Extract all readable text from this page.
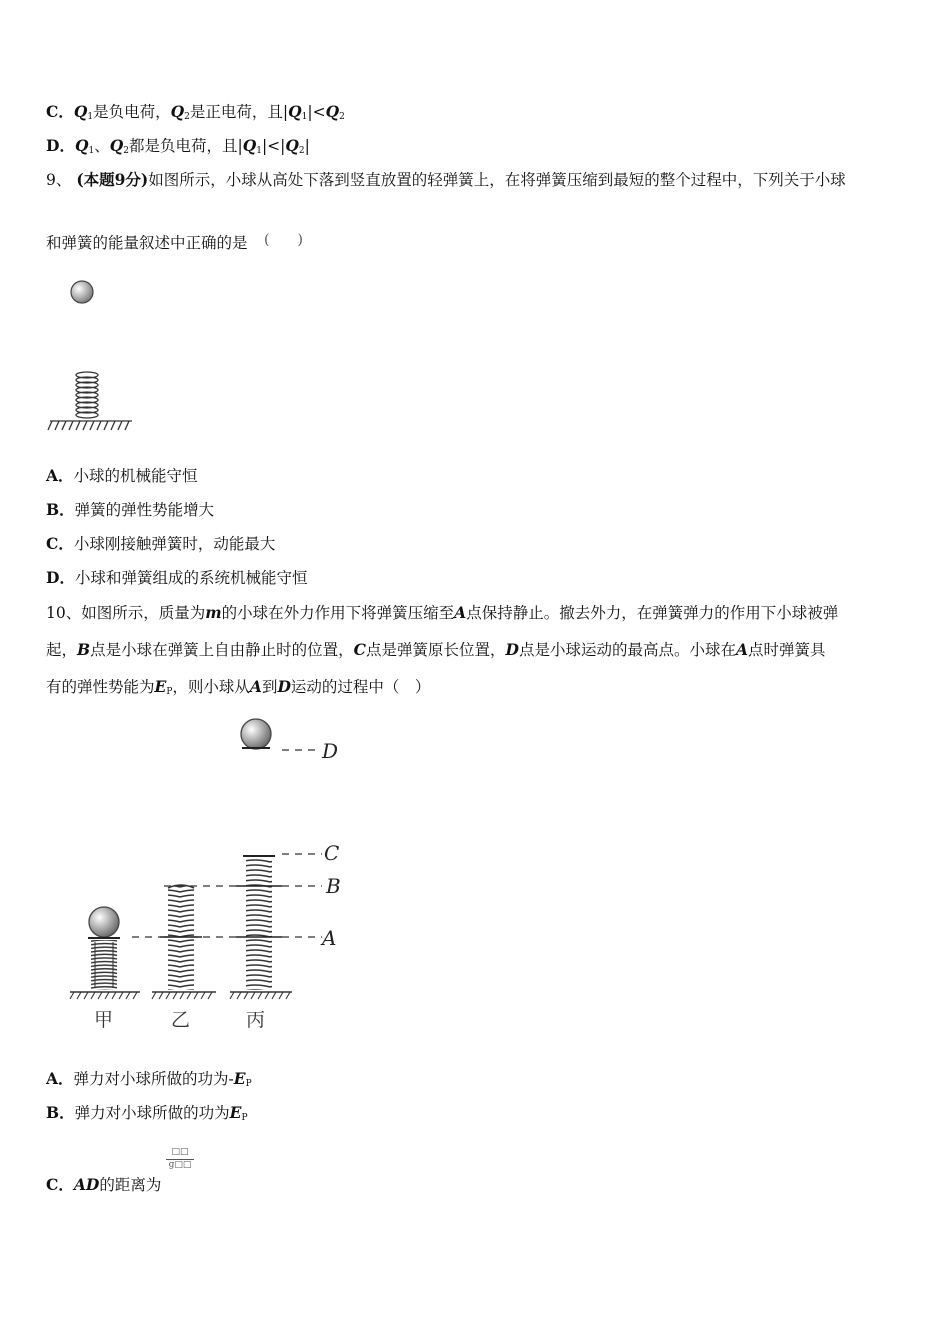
C．$Q_1$是负电荷，$Q_2$是正电荷，且$|Q_1|<Q_2$
D．$Q_1$、$Q_2$都是负电荷，且$|Q_1|<|Q_2|$
9、 (本题9分)如图所示，小球从高处下落到竖直放置的轻弹簧上，在将弹簧压缩到最短的整个过程中，下列关于小球
和弹簧的能量叙述中正确的是 (　　)
A．小球的机械能守恒
B．弹簧的弹性势能增大
C．小球刚接触弹簧时，动能最大
D．小球和弹簧组成的系统机械能守恒
10、如图所示，质量为m的小球在外力作用下将弹簧压缩至A点保持静止。撤去外力，在弹簧弹力的作用下小球被弹
起，B点是小球在弹簧上自由静止时的位置，C点是弹簧原长位置，D点是小球运动的最高点。小球在A点时弹簧具
有的弹性势能为$E_P$，则小球从A到D运动的过程中（　）
D
C
B
A
甲	乙	丙
A．弹力对小球所做的功为$-E_P$
B．弹力对小球所做的功为$E_P$
□□
ɡ□□
C．AD的距离为
